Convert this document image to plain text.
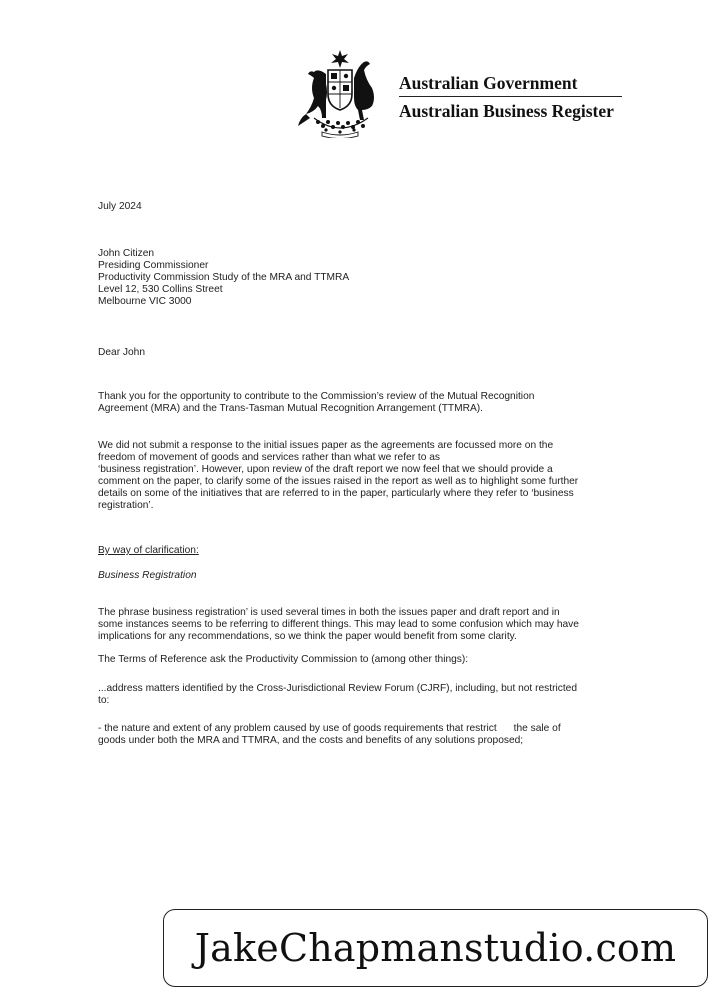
Australian Government
Australian Business Register
July 2024
John Citizen
Presiding Commissioner
Productivity Commission Study of the MRA and TTMRA
Level 12, 530 Collins Street
Melbourne VIC 3000
Dear John
Thank you for the opportunity to contribute to the Commission’s review of the Mutual Recognition
Agreement (MRA) and the Trans-Tasman Mutual Recognition Arrangement (TTMRA).
We did not submit a response to the initial issues paper as the agreements are focussed more on the
freedom of movement of goods and services rather than what we refer to as
‘business registration’. However, upon review of the draft report we now feel that we should provide a
comment on the paper, to clarify some of the issues raised in the report as well as to highlight some further
details on some of the initiatives that are referred to in the paper, particularly where they refer to ‘business
registration’.
By way of clarification:
Business Registration
The phrase business registration’ is used several times in both the issues paper and draft report and in
some instances seems to be referring to different things. This may lead to some confusion which may have
implications for any recommendations, so we think the paper would benefit from some clarity.
The Terms of Reference ask the Productivity Commission to (among other things):
...address matters identified by the Cross-Jurisdictional Review Forum (CJRF), including, but not restricted
to:
- the nature and extent of any problem caused by use of goods requirements that restrict      the sale of
goods under both the MRA and TTMRA, and the costs and benefits of any solutions proposed;
JakeChapmanstudio.com
